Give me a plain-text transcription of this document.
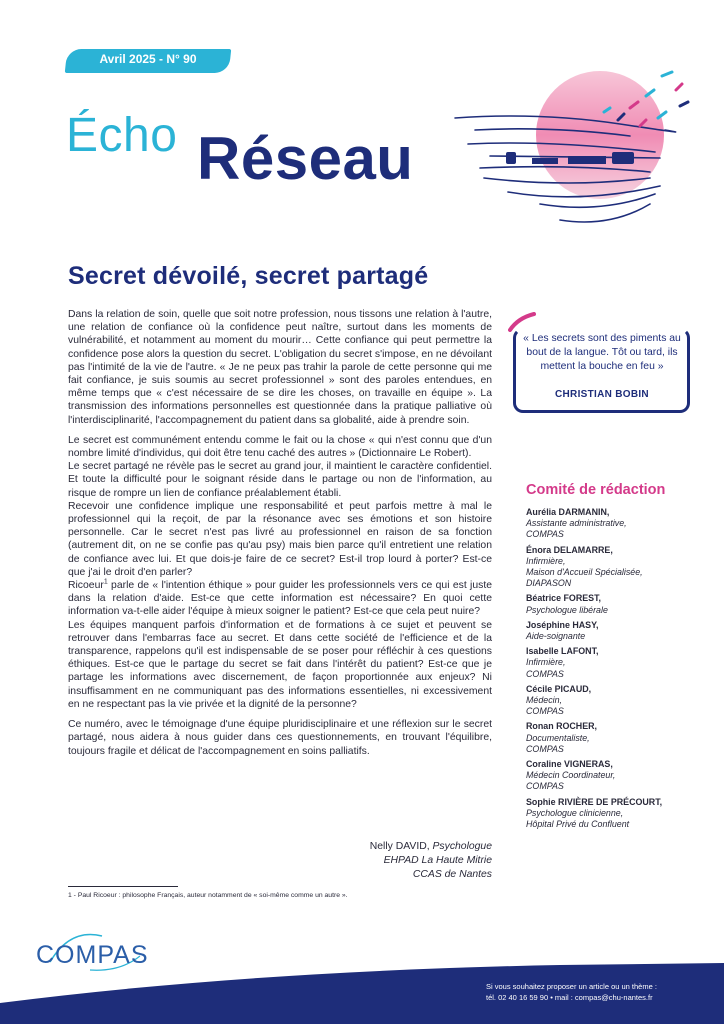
Avril 2025 - N° 90
Écho Réseau
Secret dévoilé, secret partagé

Dans la relation de soin, quelle que soit notre profession, nous tissons une relation à l'autre, une relation de confiance où la confidence peut naître, surtout dans les moments de vulnérabilité, et notamment au moment du mourir… Cette confiance qui peut permettre la confidence pose alors la question du secret. L'obligation du secret s'impose, en ne dévoilant pas l'intimité de la vie de l'autre. « Je ne peux pas trahir la parole de cette personne qui me fait confiance, je suis soumis au secret professionnel » sont des paroles entendues, en même temps que « c'est nécessaire de se dire les choses, on travaille en équipe ». La transmission des informations personnelles est questionnée dans la pratique palliative où l'interdisciplinarité, l'accompagnement du patient dans sa globalité, aide à prendre soin.

Le secret est communément entendu comme le fait ou la chose « qui n'est connu que d'un nombre limité d'individus, qui doit être tenu caché des autres » (Dictionnaire Le Robert).

Le secret partagé ne révèle pas le secret au grand jour, il maintient le caractère confidentiel. Et toute la difficulté pour le soignant réside dans le partage ou non de l'information, au risque de rompre un lien de confiance préalablement établi.

Recevoir une confidence implique une responsabilité et peut parfois mettre à mal le professionnel qui la reçoit, de par la résonance avec ses émotions et son histoire personnelle. Car le secret n'est pas livré au professionnel en raison de sa fonction (autrement dit, on ne se confie pas qu'au psy) mais bien parce qu'il entretient une relation de confiance avec lui. Et que dois-je faire de ce secret? Est-il trop lourd à porter? Est-ce que j'ai le droit d'en parler?

Ricoeur$^1$ parle de « l'intention éthique » pour guider les professionnels vers ce qui est juste dans la relation d'aide. Est-ce que cette information est nécessaire? En quoi cette information va-t-elle aider l'équipe à mieux soigner le patient? Est-ce que cela peut nuire?

Les équipes manquent parfois d'information et de formations à ce sujet et peuvent se retrouver dans l'embarras face au secret. Et dans cette société de l'efficience et de la transparence, rappelons qu'il est indispensable de se poser pour réfléchir à ces questions éthiques. Est-ce que le partage du secret se fait dans l'intérêt du patient? Est-ce que je partage les informations avec discernement, de façon proportionnée aux enjeux? Ni insuffisamment en ne communiquant pas des informations essentielles, ni excessivement en ne respectant pas la vie privée et la dignité de la personne?

Ce numéro, avec le témoignage d'une équipe pluridisciplinaire et une réflexion sur le secret partagé, nous aidera à nous guider dans ces questionnements, en trouvant l'équilibre, toujours fragile et délicat de l'accompagnement en soins palliatifs.

Nelly DAVID, Psychologue
EHPAD La Haute Mitrie
CCAS de Nantes
1 - Paul Ricoeur : philosophe Français, auteur notamment de « soi-même comme un autre ».
« Les secrets sont des piments au bout de la langue. Tôt ou tard, ils mettent la bouche en feu »
CHRISTIAN BOBIN
Comité de rédaction
Aurélia DARMANIN,
Assistante administrative,
COMPAS
Énora DELAMARRE,
Infirmière,
Maison d'Accueil Spécialisée,
DIAPASON
Béatrice FOREST,
Psychologue libérale
Joséphine HASY,
Aide-soignante
Isabelle LAFONT,
Infirmière,
COMPAS
Cécile PICAUD,
Médecin,
COMPAS
Ronan ROCHER,
Documentaliste,
COMPAS
Coraline VIGNERAS,
Médecin Coordinateur,
COMPAS
Sophie RIVIÈRE DE PRÉCOURT,
Psychologue clinicienne,
Hôpital Privé du Confluent
COMPAS
Si vous souhaitez proposer un article ou un thème :
tél. 02 40 16 59 90 • mail : compas@chu-nantes.fr
